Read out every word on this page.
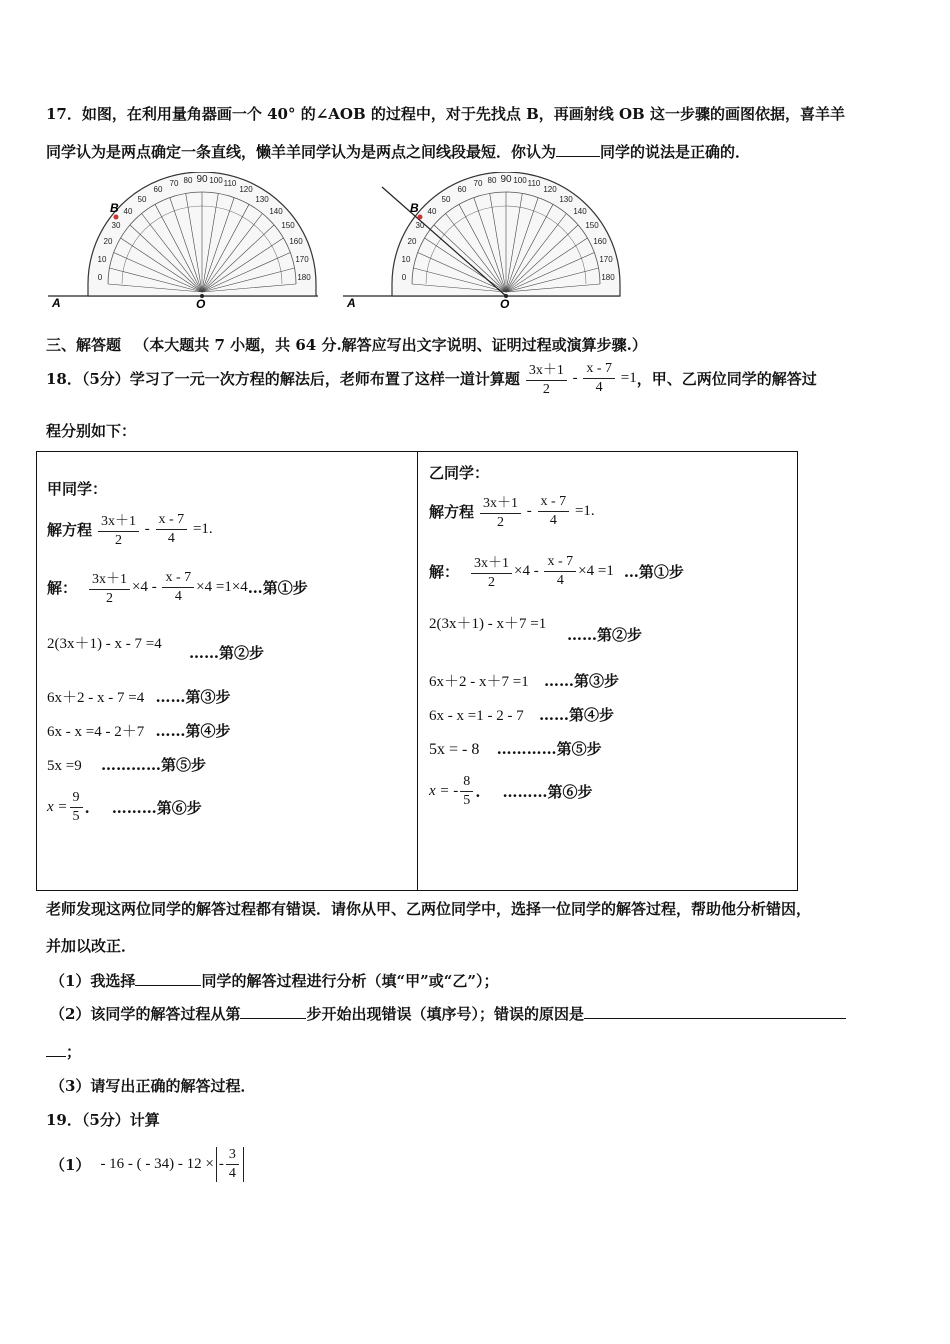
17．如图，在利用量角器画一个 40° 的∠AOB 的过程中，对于先找点 B，再画射线 OB 这一步骤的画图依据，喜羊羊
同学认为是两点确定一条直线，懒羊羊同学认为是两点之间线段最短．你认为	同学的说法是正确的．
0
10
20
30
40
50
60
70 80 90
A	O
B
A	O
B
三、解答题 （本大题共 7 小题，共 64 分.解答应写出文字说明、证明过程或演算步骤.）
18．（5分）学习了一元一次方程的解法后，老师布置了这样一道计算题 $\frac{3x+1}{2} - \frac{x - 7}{4} =1$ ，甲、乙两位同学的解答过
程分别如下：
甲同学：
解方程 $\frac{3x+1}{2} - \frac{x - 7}{4} =1$.
解： $\frac{3x+1}{2} \times 4 - \frac{x - 7}{4} \times 4 =1\times 4$ …第①步
2(3x＋1) - x - 7 =4 ……第②步
6x＋2 - x - 7 =4 ……第③步
6x - x =4 - 2＋7 ……第④步
5x =9 …………第⑤步
$x = \frac{9}{5}$ . ………第⑥步
乙同学：
解方程 $\frac{3x+1}{2} - \frac{x - 7}{4} =1$.
解： $\frac{3x+1}{2} \times 4 - \frac{x - 7}{4} \times 4 =1$ …第①步
2(3x＋1) - x＋7 =1
……第②步
6x＋2 - x＋7 =1 ……第③步
6x - x =1 - 2 - 7 ……第④步
5x = - 8 …………第⑤步
x = - $\frac{8}{5}$ . ………第⑥步
老师发现这两位同学的解答过程都有错误．请你从甲、乙两位同学中，选择一位同学的解答过程，帮助他分析错因，
并加以改正．
（1）我选择	同学的解答过程进行分析（填“甲”或“乙”）；
（2）该同学的解答过程从第	步开始出现错误（填序号）；错误的原因是
；
（3）请写出正确的解答过程．
19．（5分）计算
（1） - 16 - ( - 34) - 12 × - $\frac{3}{4}$
